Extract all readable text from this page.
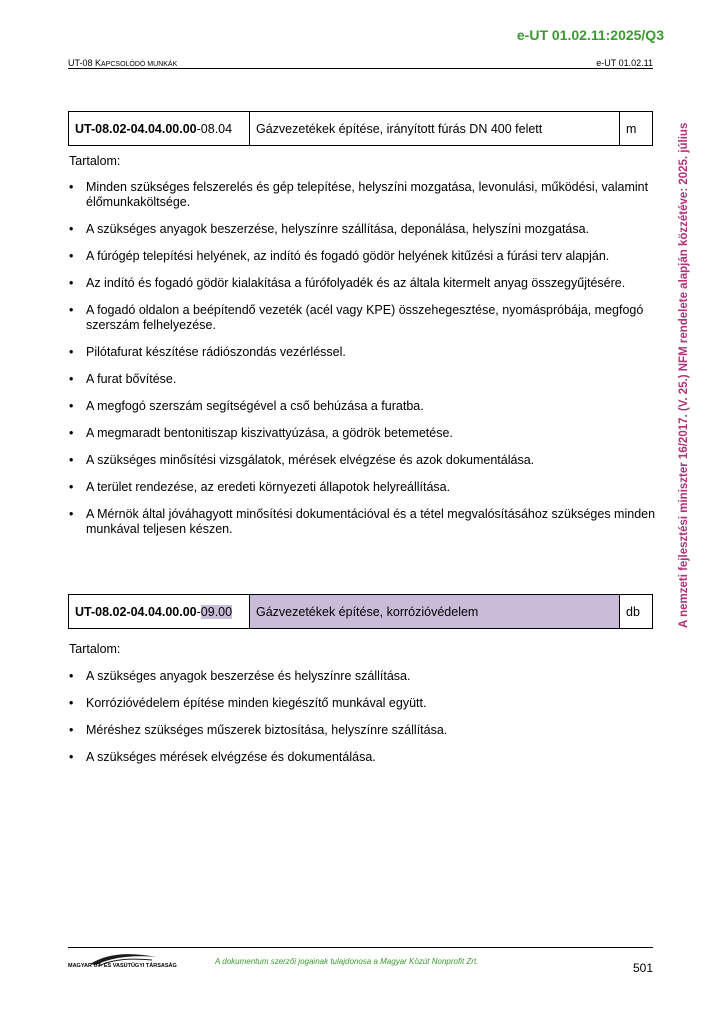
e-UT 01.02.11:2025/Q3
UT-08 KAPCSOLÓDÓ MUNKÁK	e-UT 01.02.11
A nemzeti fejlesztési miniszter 16/2017. (V. 25.) NFM rendelete alapján közzétéve: 2025. július
UT-08.02-04.04.00.00-08.04	Gázvezetékek építése, irányított fúrás DN 400 felett	m
Tartalom:
• Minden szükséges felszerelés és gép telepítése, helyszíni mozgatása, levonulási, működési, valamint élőmunkaköltsége.
• A szükséges anyagok beszerzése, helyszínre szállítása, deponálása, helyszíni mozgatása.
• A fúrógép telepítési helyének, az indító és fogadó gödör helyének kitűzési a fúrási terv alapján.
• Az indító és fogadó gödör kialakítása a fúrófolyadék és az általa kitermelt anyag összegyűjtésére.
• A fogadó oldalon a beépítendő vezeték (acél vagy KPE) összehegesztése, nyomáspróbája, megfogó szerszám felhelyezése.
• Pilótafurat készítése rádiószondás vezérléssel.
• A furat bővítése.
• A megfogó szerszám segítségével a cső behúzása a furatba.
• A megmaradt bentonitiszap kiszivattyúzása, a gödrök betemetése.
• A szükséges minősítési vizsgálatok, mérések elvégzése és azok dokumentálása.
• A terület rendezése, az eredeti környezeti állapotok helyreállítása.
• A Mérnök által jóváhagyott minősítési dokumentációval és a tétel megvalósításához szükséges minden munkával teljesen készen.
UT-08.02-04.04.00.00-09.00	Gázvezetékek építése, korrózióvédelem	db
Tartalom:
• A szükséges anyagok beszerzése és helyszínre szállítása.
• Korrózióvédelem építése minden kiegészítő munkával együtt.
• Méréshez szükséges műszerek biztosítása, helyszínre szállítása.
• A szükséges mérések elvégzése és dokumentálása.
MAGYAR ÚT- ÉS VASÚTÜGYI TÁRSASÁG	A dokumentum szerzői jogainak tulajdonosa a Magyar Közút Nonprofit Zrt.	501
